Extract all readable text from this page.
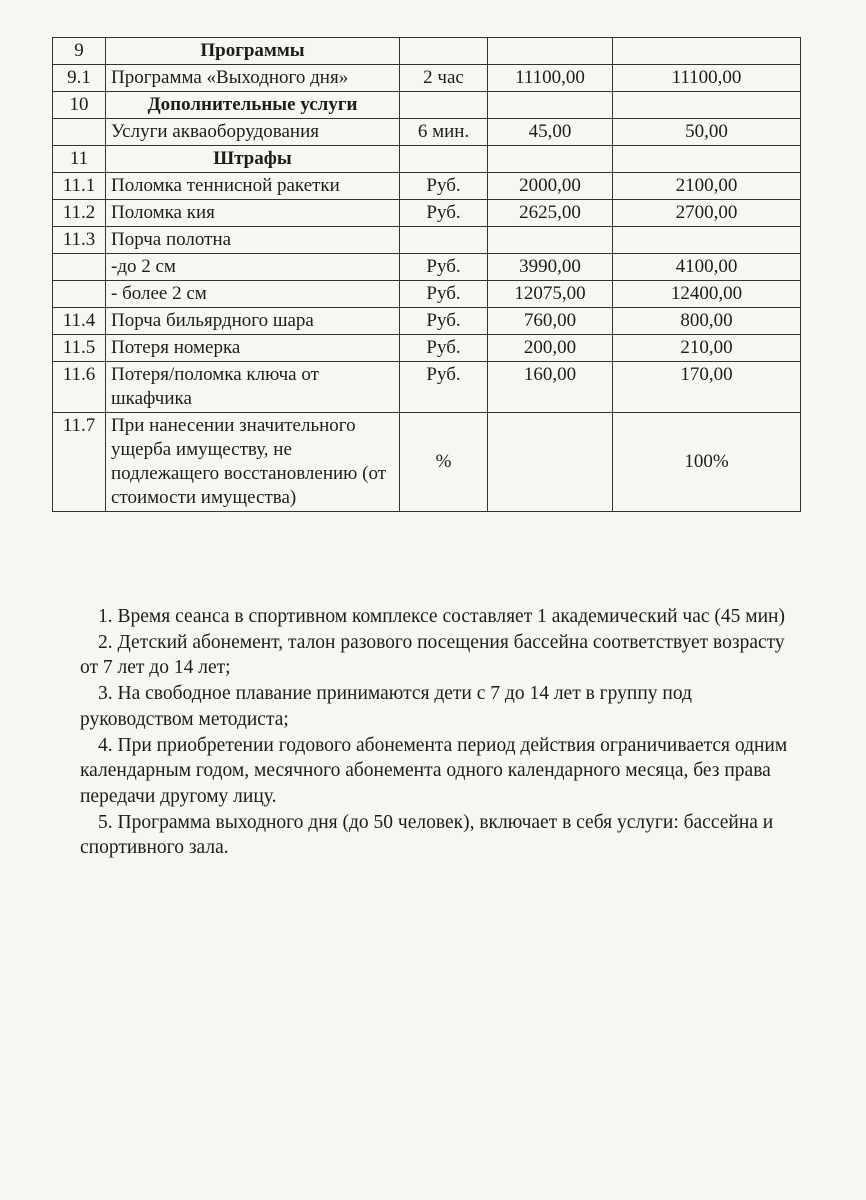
9	Программы			
9.1	Программа «Выходного дня»	2 час	11100,00	11100,00
10	Дополнительные услуги			
	Услуги аквaоборудования	6 мин.	45,00	50,00
11	Штрафы			
11.1	Поломка теннисной ракетки	Руб.	2000,00	2100,00
11.2	Поломка кия	Руб.	2625,00	2700,00
11.3	Порча полотна			
	-до 2 см	Руб.	3990,00	4100,00
	- более 2 см	Руб.	12075,00	12400,00
11.4	Порча бильярдного шара	Руб.	760,00	800,00
11.5	Потеря номерка	Руб.	200,00	210,00
11.6	Потеря/поломка ключа от шкафчика	Руб.	160,00	170,00
11.7	При нанесении значительного ущерба имуществу, не подлежащего восстановлению (от стоимости имущества)	%		100%

1. Время сеанса в спортивном комплексе составляет 1 академический час (45 мин)

2. Детский абонемент, талон разового посещения бассейна соответствует возрасту от 7 лет до 14 лет;

3. На свободное плавание принимаются дети с 7 до 14 лет в группу под руководством методиста;

4. При приобретении годового абонемента период действия ограничивается одним календарным годом, месячного абонемента одного календарного месяца, без права передачи другому лицу.

5. Программа выходного дня (до 50 человек), включает в себя услуги: бассейна и спортивного зала.
